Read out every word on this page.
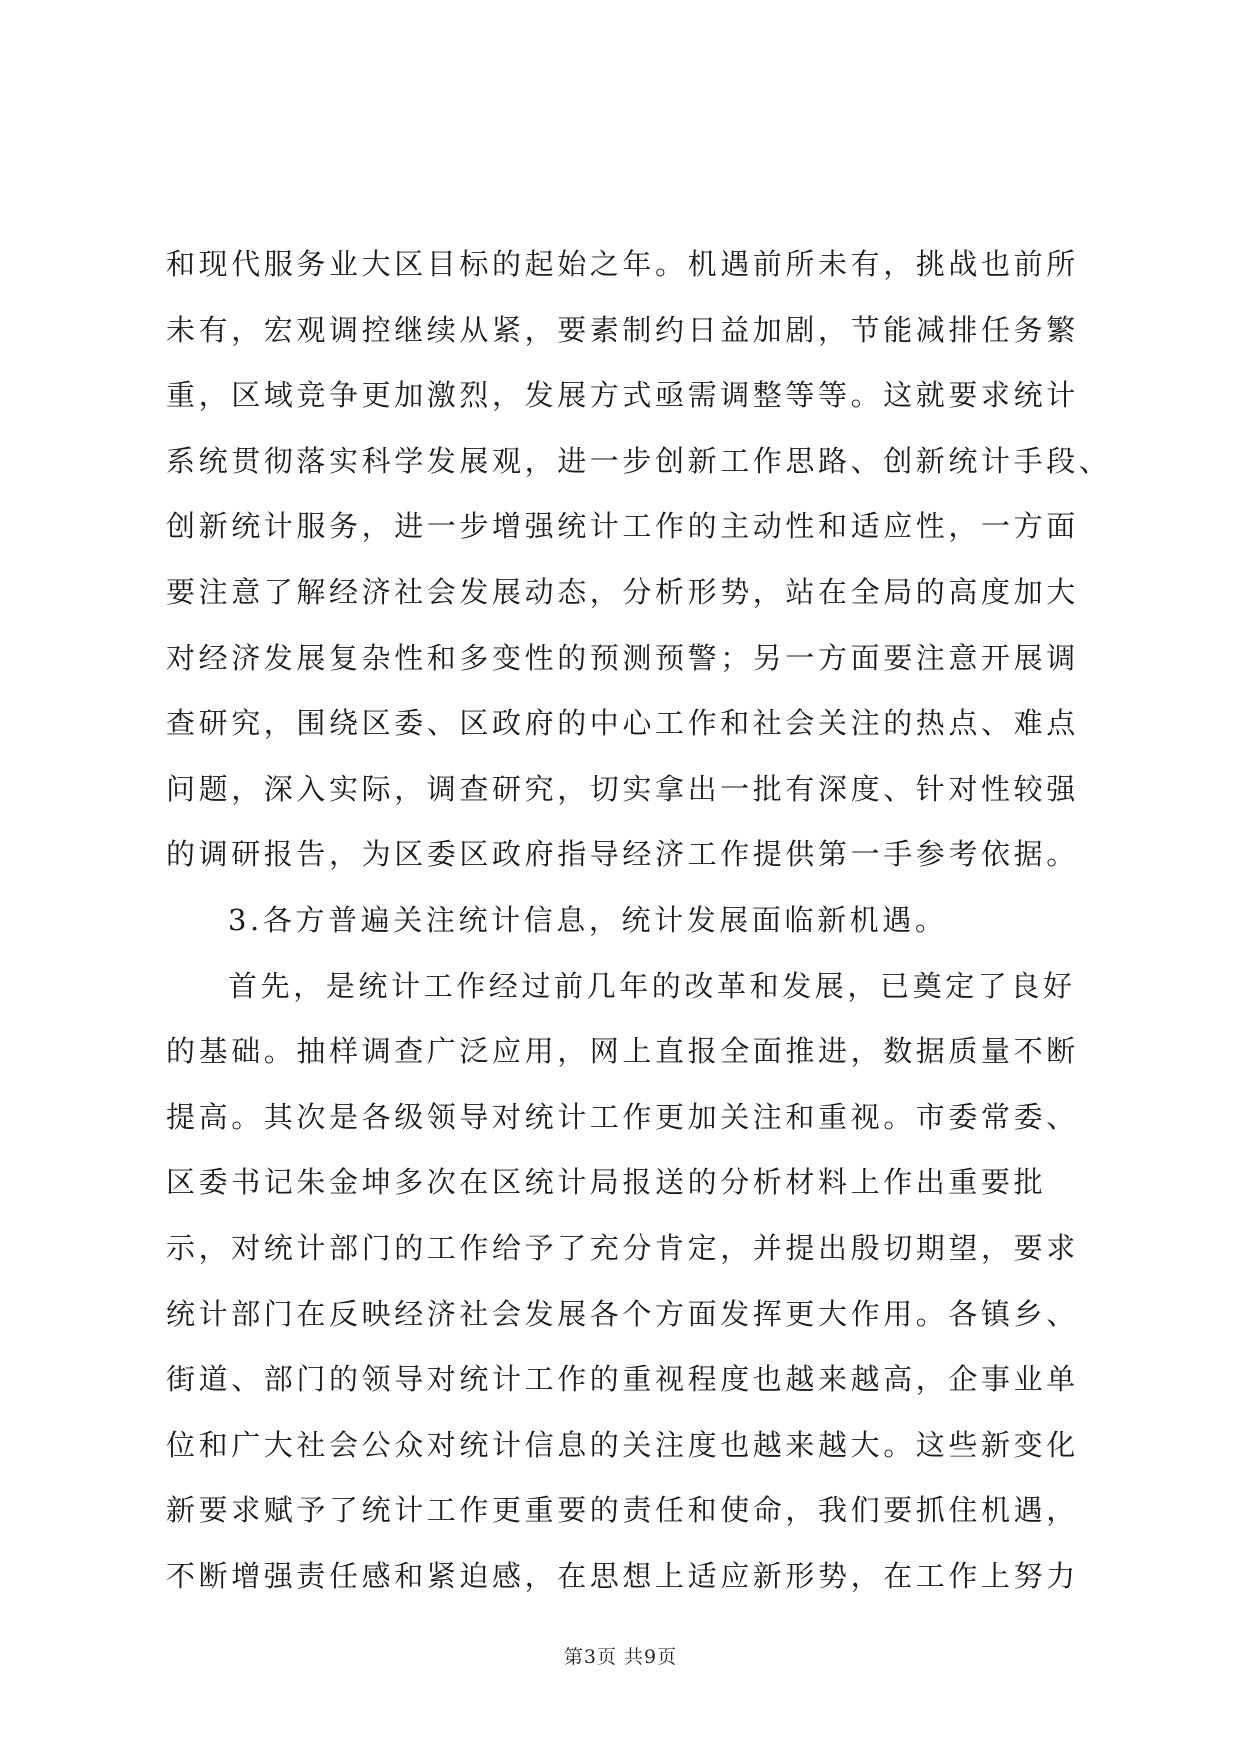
和现代服务业大区目标的起始之年。机遇前所未有，挑战也前所
未有，宏观调控继续从紧，要素制约日益加剧，节能减排任务繁
重，区域竞争更加激烈，发展方式亟需调整等等。这就要求统计
系统贯彻落实科学发展观，进一步创新工作思路、创新统计手段、
创新统计服务，进一步增强统计工作的主动性和适应性，一方面
要注意了解经济社会发展动态，分析形势，站在全局的高度加大
对经济发展复杂性和多变性的预测预警；另一方面要注意开展调
查研究，围绕区委、区政府的中心工作和社会关注的热点、难点
问题，深入实际，调查研究，切实拿出一批有深度、针对性较强
的调研报告，为区委区政府指导经济工作提供第一手参考依据。
3.各方普遍关注统计信息，统计发展面临新机遇。
首先，是统计工作经过前几年的改革和发展，已奠定了良好
的基础。抽样调查广泛应用，网上直报全面推进，数据质量不断
提高。其次是各级领导对统计工作更加关注和重视。市委常委、
区委书记朱金坤多次在区统计局报送的分析材料上作出重要批
示，对统计部门的工作给予了充分肯定，并提出殷切期望，要求
统计部门在反映经济社会发展各个方面发挥更大作用。各镇乡、
街道、部门的领导对统计工作的重视程度也越来越高，企事业单
位和广大社会公众对统计信息的关注度也越来越大。这些新变化
新要求赋予了统计工作更重要的责任和使命，我们要抓住机遇，
不断增强责任感和紧迫感，在思想上适应新形势，在工作上努力
第3页 共9页
